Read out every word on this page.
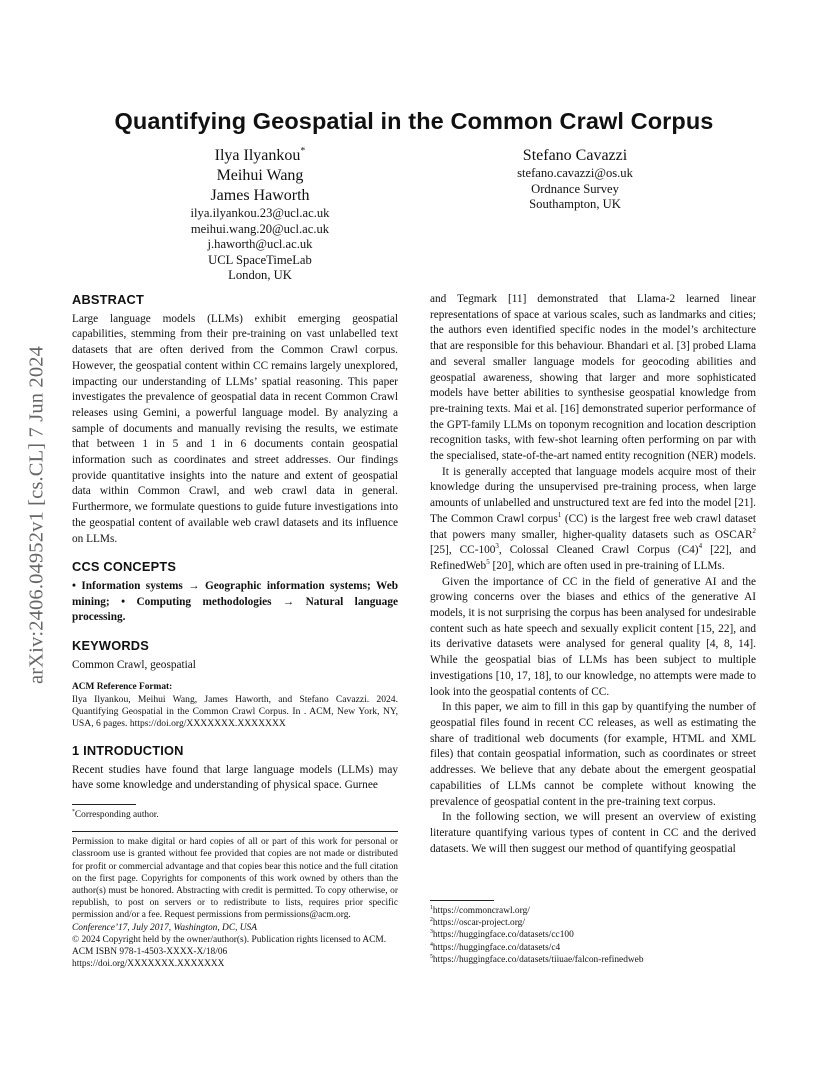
arXiv:2406.04952v1 [cs.CL] 7 Jun 2024
Quantifying Geospatial in the Common Crawl Corpus
Ilya Ilyankou*
Meihui Wang
James Haworth
ilya.ilyankou.23@ucl.ac.uk
meihui.wang.20@ucl.ac.uk
j.haworth@ucl.ac.uk
UCL SpaceTimeLab
London, UK
Stefano Cavazzi
stefano.cavazzi@os.uk
Ordnance Survey
Southampton, UK
ABSTRACT

Large language models (LLMs) exhibit emerging geospatial capabilities, stemming from their pre-training on vast unlabelled text datasets that are often derived from the Common Crawl corpus. However, the geospatial content within CC remains largely unexplored, impacting our understanding of LLMs’ spatial reasoning. This paper investigates the prevalence of geospatial data in recent Common Crawl releases using Gemini, a powerful language model. By analyzing a sample of documents and manually revising the results, we estimate that between 1 in 5 and 1 in 6 documents contain geospatial information such as coordinates and street addresses. Our findings provide quantitative insights into the nature and extent of geospatial data within Common Crawl, and web crawl data in general. Furthermore, we formulate questions to guide future investigations into the geospatial content of available web crawl datasets and its influence on LLMs.

CCS CONCEPTS

• Information systems → Geographic information systems; Web mining; • Computing methodologies → Natural language processing.

KEYWORDS

Common Crawl, geospatial

ACM Reference Format:

Ilya Ilyankou, Meihui Wang, James Haworth, and Stefano Cavazzi. 2024. Quantifying Geospatial in the Common Crawl Corpus. In . ACM, New York, NY, USA, 6 pages. https://doi.org/XXXXXXX.XXXXXXX

1 INTRODUCTION

Recent studies have found that large language models (LLMs) may have some knowledge and understanding of physical space. Gurnee

*Corresponding author.

Permission to make digital or hard copies of all or part of this work for personal or classroom use is granted without fee provided that copies are not made or distributed for profit or commercial advantage and that copies bear this notice and the full citation on the first page. Copyrights for components of this work owned by others than the author(s) must be honored. Abstracting with credit is permitted. To copy otherwise, or republish, to post on servers or to redistribute to lists, requires prior specific permission and/or a fee. Request permissions from permissions@acm.org.

Conference’17, July 2017, Washington, DC, USA

© 2024 Copyright held by the owner/author(s). Publication rights licensed to ACM.

ACM ISBN 978-1-4503-XXXX-X/18/06

https://doi.org/XXXXXXX.XXXXXXX

and Tegmark [11] demonstrated that Llama-2 learned linear representations of space at various scales, such as landmarks and cities; the authors even identified specific nodes in the model’s architecture that are responsible for this behaviour. Bhandari et al. [3] probed Llama and several smaller language models for geocoding abilities and geospatial awareness, showing that larger and more sophisticated models have better abilities to synthesise geospatial knowledge from pre-training texts. Mai et al. [16] demonstrated superior performance of the GPT-family LLMs on toponym recognition and location description recognition tasks, with few-shot learning often performing on par with the specialised, state-of-the-art named entity recognition (NER) models.

It is generally accepted that language models acquire most of their knowledge during the unsupervised pre-training process, when large amounts of unlabelled and unstructured text are fed into the model [21]. The Common Crawl corpus$^1$ (CC) is the largest free web crawl dataset that powers many smaller, higher-quality datasets such as OSCAR$^2$ [25], $CC-100^3$, Colossal Cleaned Crawl Corpus $(C4)^4$ [22], and RefinedWeb$^5$ [20], which are often used in pre-training of LLMs.

Given the importance of CC in the field of generative AI and the growing concerns over the biases and ethics of the generative AI models, it is not surprising the corpus has been analysed for undesirable content such as hate speech and sexually explicit content [15, 22], and its derivative datasets were analysed for general quality [4, 8, 14]. While the geospatial bias of LLMs has been subject to multiple investigations [10, 17, 18], to our knowledge, no attempts were made to look into the geospatial contents of CC.

In this paper, we aim to fill in this gap by quantifying the number of geospatial files found in recent CC releases, as well as estimating the share of traditional web documents (for example, HTML and XML files) that contain geospatial information, such as coordinates or street addresses. We believe that any debate about the emergent geospatial capabilities of LLMs cannot be complete without knowing the prevalence of geospatial content in the pre-training text corpus.

In the following section, we will present an overview of existing literature quantifying various types of content in CC and the derived datasets. We will then suggest our method of quantifying geospatial

$^1$https://commoncrawl.org/
$^2$https://oscar-project.org/
$^3$https://huggingface.co/datasets/cc100
$^4$https://huggingface.co/datasets/c4
$^5$https://huggingface.co/datasets/tiiuae/falcon-refinedweb
